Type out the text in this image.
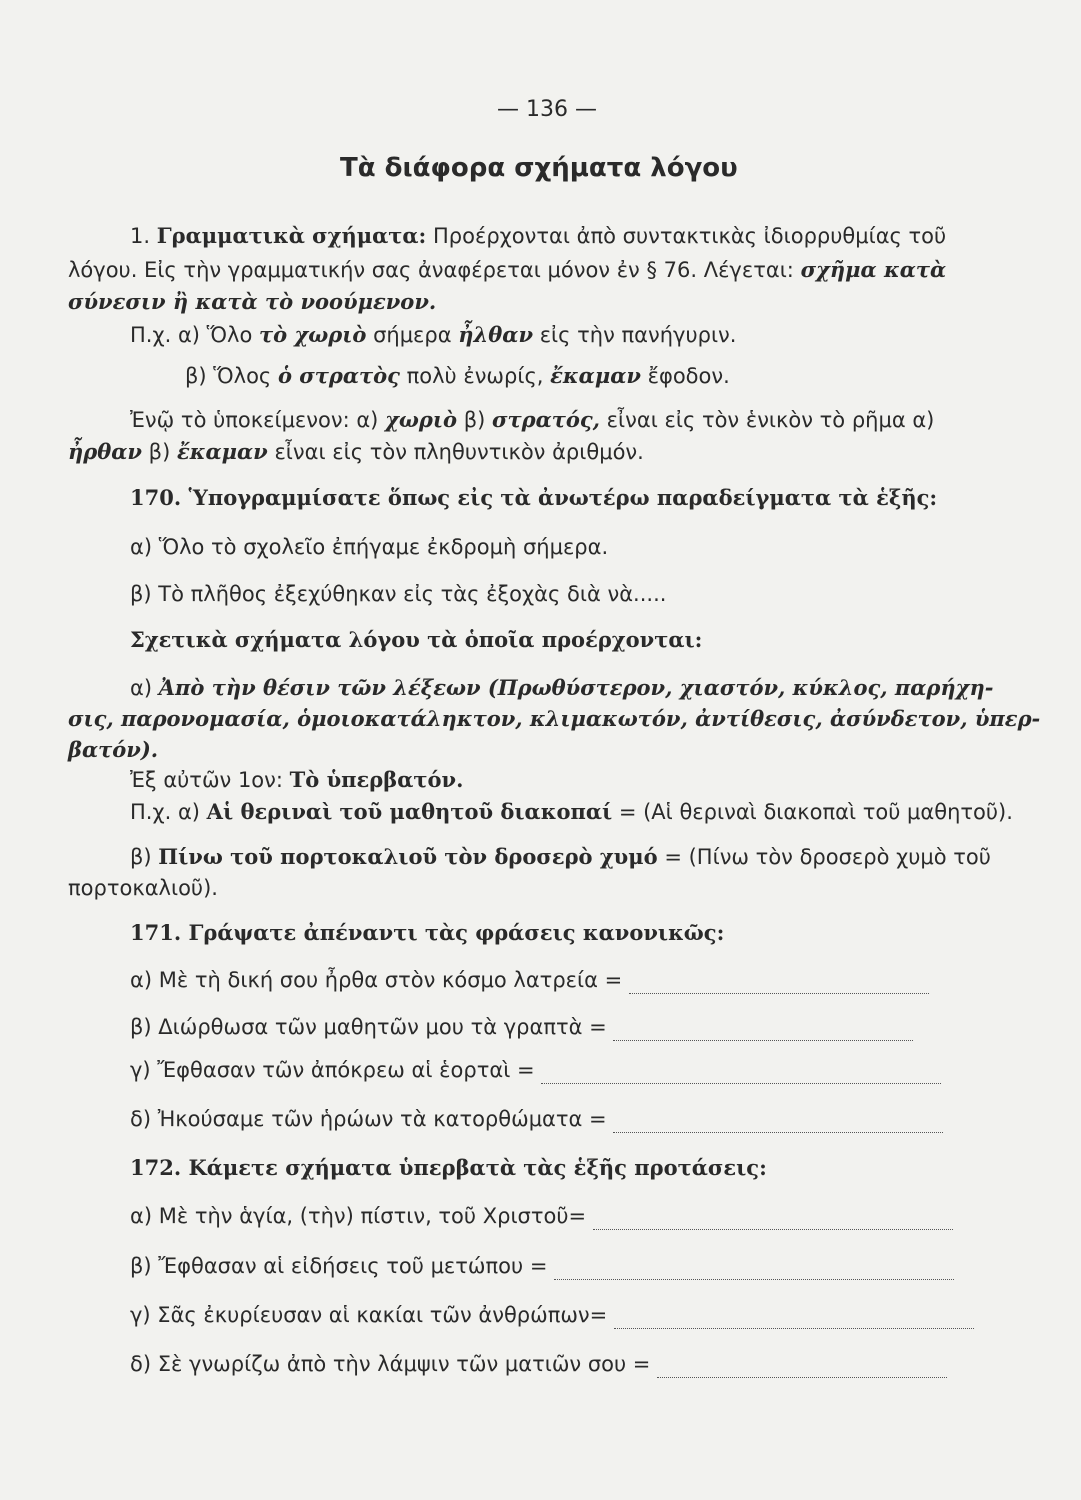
— 136 —
Τὰ διάφορα σχήματα λόγου
1. Γραμματικὰ σχήματα: Προέρχονται ἀπὸ συντακτικὰς ἰδιορρυθμίας τοῦ
λόγου. Εἰς τὴν γραμματικήν σας ἀναφέρεται μόνον ἐν § 76. Λέγεται: σχῆμα κατὰ
σύνεσιν ἢ κατὰ τὸ νοούμενον.
Π.χ. α) Ὅλο τὸ χωριὸ σήμερα ἦλθαν εἰς τὴν πανήγυριν.
β) Ὅλος ὁ στρατὸς πολὺ ἐνωρίς, ἔκαμαν ἔφοδον.
Ἐνῷ τὸ ὑποκείμενον: α) χωριὸ β) στρατός, εἶναι εἰς τὸν ἑνικὸν τὸ ρῆμα α)
ἦρθαν β) ἔκαμαν εἶναι εἰς τὸν πληθυντικὸν ἀριθμόν.
170. Ὑπογραμμίσατε ὅπως εἰς τὰ ἀνωτέρω παραδείγματα τὰ ἑξῆς:
α) Ὅλο τὸ σχολεῖο ἐπήγαμε ἐκδρομὴ σήμερα.
β) Τὸ πλῆθος ἐξεχύθηκαν εἰς τὰς ἐξοχὰς διὰ νὰ.....
Σχετικὰ σχήματα λόγου τὰ ὁποῖα προέρχονται:
α) Ἀπὸ τὴν θέσιν τῶν λέξεων (Πρωθύστερον, χιαστόν, κύκλος, παρήχη-
σις, παρονομασία, ὁμοιοκατάληκτον, κλιμακωτόν, ἀντίθεσις, ἀσύνδετον, ὑπερ-
βατόν).
Ἐξ αὐτῶν 1ον: Τὸ ὑπερβατόν.
Π.χ. α) Αἱ θεριναὶ τοῦ μαθητοῦ διακοπαί = (Αἱ θεριναὶ διακοπαὶ τοῦ μαθητοῦ).
β) Πίνω τοῦ πορτοκαλιοῦ τὸν δροσερὸ χυμό = (Πίνω τὸν δροσερὸ χυμὸ τοῦ
πορτοκαλιοῦ).
171. Γράψατε ἀπέναντι τὰς φράσεις κανονικῶς:
α) Μὲ τὴ δική σου ἦρθα στὸν κόσμο λατρεία =
β) Διώρθωσα τῶν μαθητῶν μου τὰ γραπτὰ =
γ) Ἔφθασαν τῶν ἀπόκρεω αἱ ἑορταὶ =
δ) Ἠκούσαμε τῶν ἡρώων τὰ κατορθώματα =
172. Κάμετε σχήματα ὑπερβατὰ τὰς ἑξῆς προτάσεις:
α) Μὲ τὴν ἁγία, (τὴν) πίστιν, τοῦ Χριστοῦ=
β) Ἔφθασαν αἱ εἰδήσεις τοῦ μετώπου =
γ) Σᾶς ἐκυρίευσαν αἱ κακίαι τῶν ἀνθρώπων=
δ) Σὲ γνωρίζω ἀπὸ τὴν λάμψιν τῶν ματιῶν σου =
